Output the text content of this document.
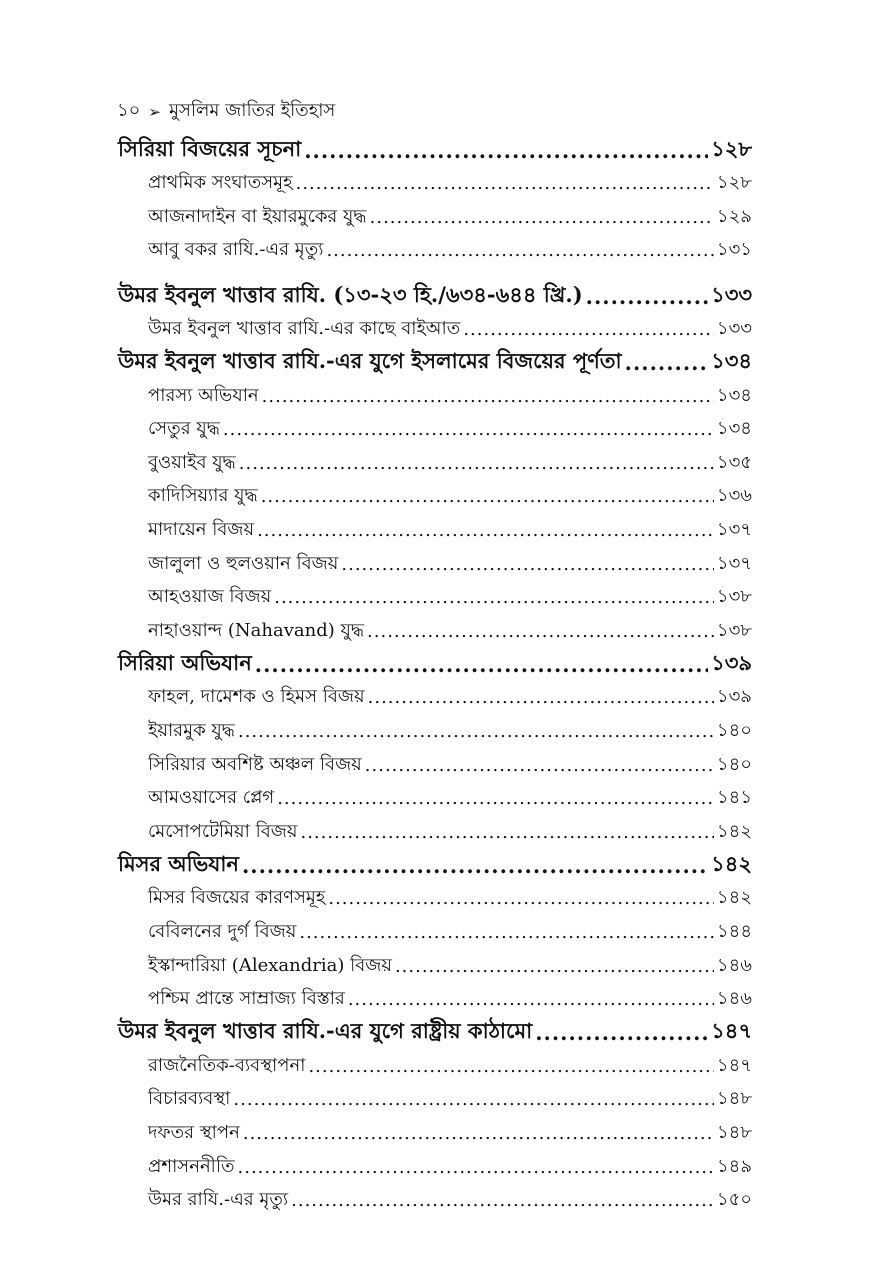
১০ ➢ মুসলিম জাতির ইতিহাস
সিরিয়া বিজয়ের সূচনা .....	১২৮
প্রাথমিক সংঘাতসমূহ .....	১২৮
আজনাদাইন বা ইয়ারমুকের যুদ্ধ .....	১২৯
আবু বকর রাযি.-এর মৃত্যু .....	১৩১
উমর ইবনুল খাত্তাব রাযি. (১৩-২৩ হি./৬৩৪-৬৪৪ খ্রি.) .....	১৩৩
উমর ইবনুল খাত্তাব রাযি.-এর কাছে বাইআত .....	১৩৩
উমর ইবনুল খাত্তাব রাযি.-এর যুগে ইসলামের বিজয়ের পূর্ণতা .....	১৩৪
পারস্য অভিযান .....	১৩৪
সেতুর যুদ্ধ .....	১৩৪
বুওয়াইব যুদ্ধ .....	১৩৫
কাদিসিয়্যার যুদ্ধ .....	১৩৬
মাদায়েন বিজয় .....	১৩৭
জালুলা ও হুলওয়ান বিজয় .....	১৩৭
আহওয়াজ বিজয় .....	১৩৮
নাহাওয়ান্দ (Nahavand) যুদ্ধ .....	১৩৮
সিরিয়া অভিযান .....	১৩৯
ফাহল, দামেশক ও হিমস বিজয় .....	১৩৯
ইয়ারমুক যুদ্ধ .....	১৪০
সিরিয়ার অবশিষ্ট অঞ্চল বিজয় .....	১৪০
আমওয়াসের প্লেগ .....	১৪১
মেসোপটেমিয়া বিজয় .....	১৪২
মিসর অভিযান .....	১৪২
মিসর বিজয়ের কারণসমূহ .....	১৪২
বেবিলনের দুর্গ বিজয় .....	১৪৪
ইস্কান্দারিয়া (Alexandria) বিজয় .....	১৪৬
পশ্চিম প্রান্তে সাম্রাজ্য বিস্তার .....	১৪৬
উমর ইবনুল খাত্তাব রাযি.-এর যুগে রাষ্ট্রীয় কাঠামো .....	১৪৭
রাজনৈতিক-ব্যবস্থাপনা .....	১৪৭
বিচারব্যবস্থা .....	১৪৮
দফতর স্থাপন .....	১৪৮
প্রশাসননীতি .....	১৪৯
উমর রাযি.-এর মৃত্যু .....	১৫০
